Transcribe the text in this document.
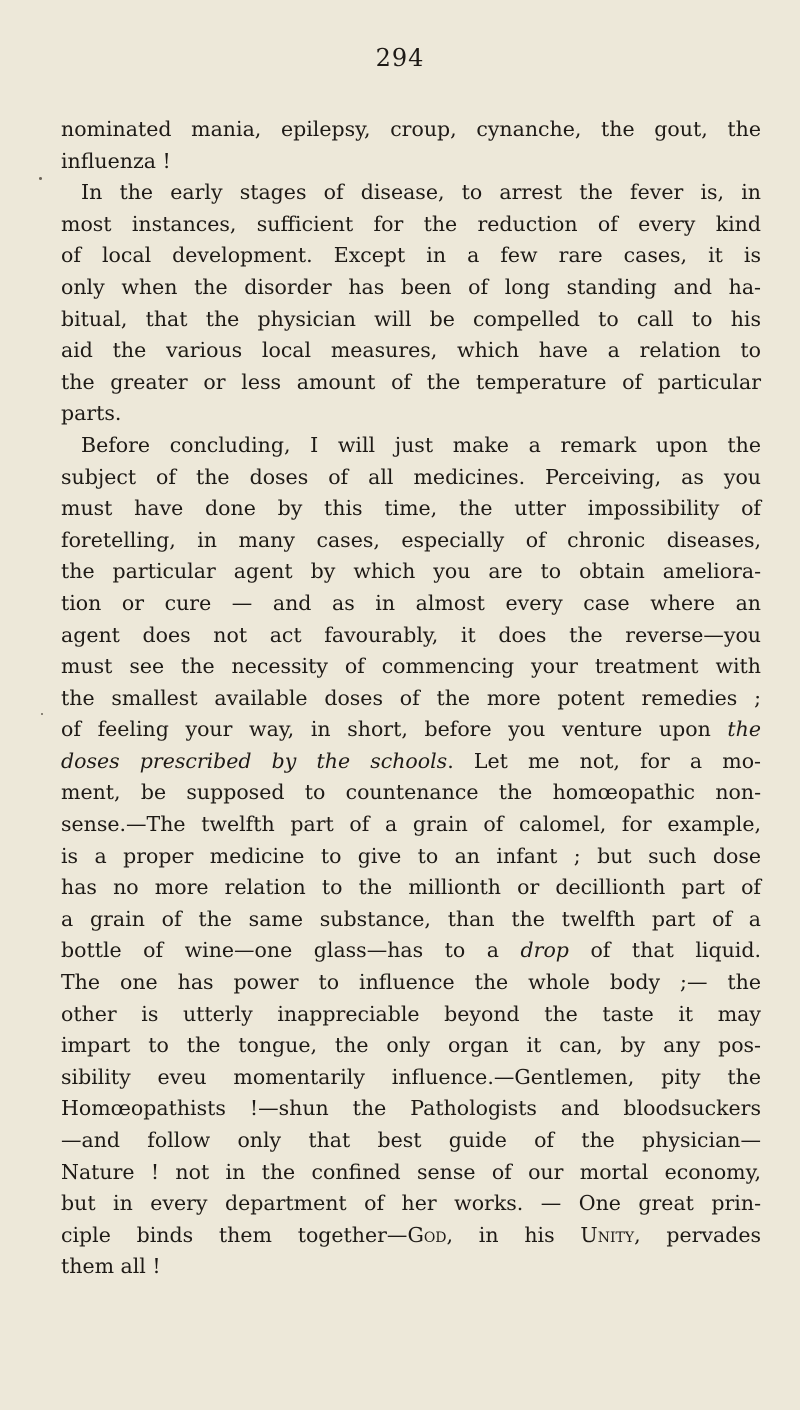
294
nominated mania, epilepsy, croup, cynanche, the gout, the
influenza !
In the early stages of disease, to arrest the fever is, in
most instances, sufficient for the reduction of every kind
of local development. Except in a few rare cases, it is
only when the disorder has been of long standing and ha-
bitual, that the physician will be compelled to call to his
aid the various local measures, which have a relation to
the greater or less amount of the temperature of particular
parts.
Before concluding, I will just make a remark upon the
subject of the doses of all medicines. Perceiving, as you
must have done by this time, the utter impossibility of
foretelling, in many cases, especially of chronic diseases,
the particular agent by which you are to obtain ameliora-
tion or cure — and as in almost every case where an
agent does not act favourably, it does the reverse—you
must see the necessity of commencing your treatment with
the smallest available doses of the more potent remedies ;
of feeling your way, in short, before you venture upon the
doses prescribed by the schools. Let me not, for a mo-
ment, be supposed to countenance the homœopathic non-
sense.—The twelfth part of a grain of calomel, for example,
is a proper medicine to give to an infant ; but such dose
has no more relation to the millionth or decillionth part of
a grain of the same substance, than the twelfth part of a
bottle of wine—one glass—has to a drop of that liquid.
The one has power to influence the whole body ;— the
other is utterly inappreciable beyond the taste it may
impart to the tongue, the only organ it can, by any pos-
sibility eveu momentarily influence.—Gentlemen, pity the
Homœopathists !—shun the Pathologists and bloodsuckers
—and follow only that best guide of the physician—
Nature ! not in the confined sense of our mortal economy,
but in every department of her works. — One great prin-
ciple binds them together—God, in his Unity, pervades
them all !
